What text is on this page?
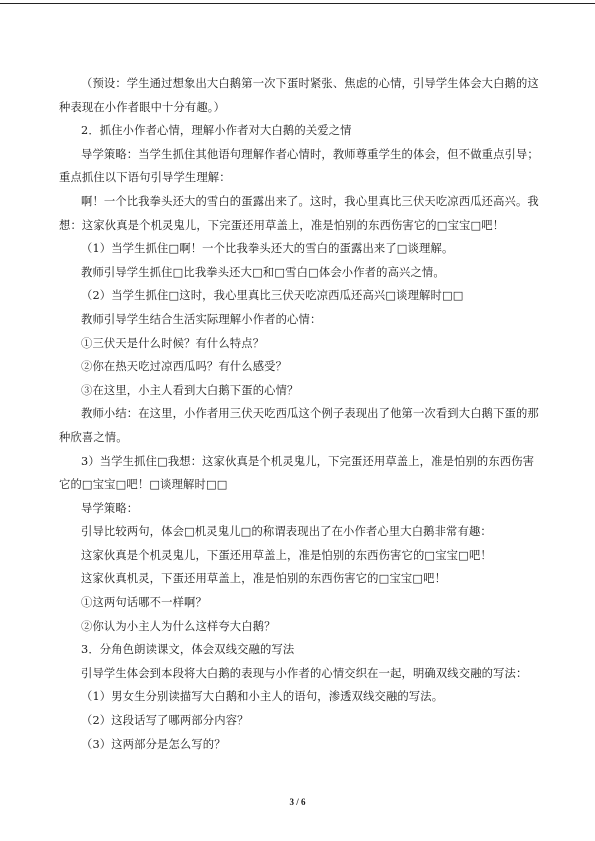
（预设：学生通过想象出大白鹅第一次下蛋时紧张、焦虑的心情，引导学生体会大白鹅的这种表现在小作者眼中十分有趣。）

2．抓住小作者心情，理解小作者对大白鹅的关爱之情

导学策略：当学生抓住其他语句理解作者心情时，教师尊重学生的体会，但不做重点引导；重点抓住以下语句引导学生理解：

啊！一个比我拳头还大的雪白的蛋露出来了。这时，我心里真比三伏天吃凉西瓜还高兴。我想：这家伙真是个机灵鬼儿，下完蛋还用草盖上，准是怕别的东西伤害它的□宝宝□吧！

（1）当学生抓住□啊！一个比我拳头还大的雪白的蛋露出来了□谈理解。

教师引导学生抓住□比我拳头还大□和□雪白□体会小作者的高兴之情。

（2）当学生抓住□这时，我心里真比三伏天吃凉西瓜还高兴□谈理解时□□

教师引导学生结合生活实际理解小作者的心情：

①三伏天是什么时候？有什么特点？

②你在热天吃过凉西瓜吗？有什么感受？

③在这里，小主人看到大白鹅下蛋的心情？

教师小结：在这里，小作者用三伏天吃西瓜这个例子表现出了他第一次看到大白鹅下蛋的那种欣喜之情。

3）当学生抓住□我想：这家伙真是个机灵鬼儿，下完蛋还用草盖上，准是怕别的东西伤害它的□宝宝□吧！□谈理解时□□

导学策略：

引导比较两句，体会□机灵鬼儿□的称谓表现出了在小作者心里大白鹅非常有趣：

这家伙真是个机灵鬼儿，下蛋还用草盖上，准是怕别的东西伤害它的□宝宝□吧！

这家伙真机灵，下蛋还用草盖上，准是怕别的东西伤害它的□宝宝□吧！

①这两句话哪不一样啊？

②你认为小主人为什么这样夸大白鹅？

3．分角色朗读课文，体会双线交融的写法

引导学生体会到本段将大白鹅的表现与小作者的心情交织在一起，明确双线交融的写法：

（1）男女生分别读描写大白鹅和小主人的语句，渗透双线交融的写法。

（2）这段话写了哪两部分内容？

（3）这两部分是怎么写的？

3 / 6
